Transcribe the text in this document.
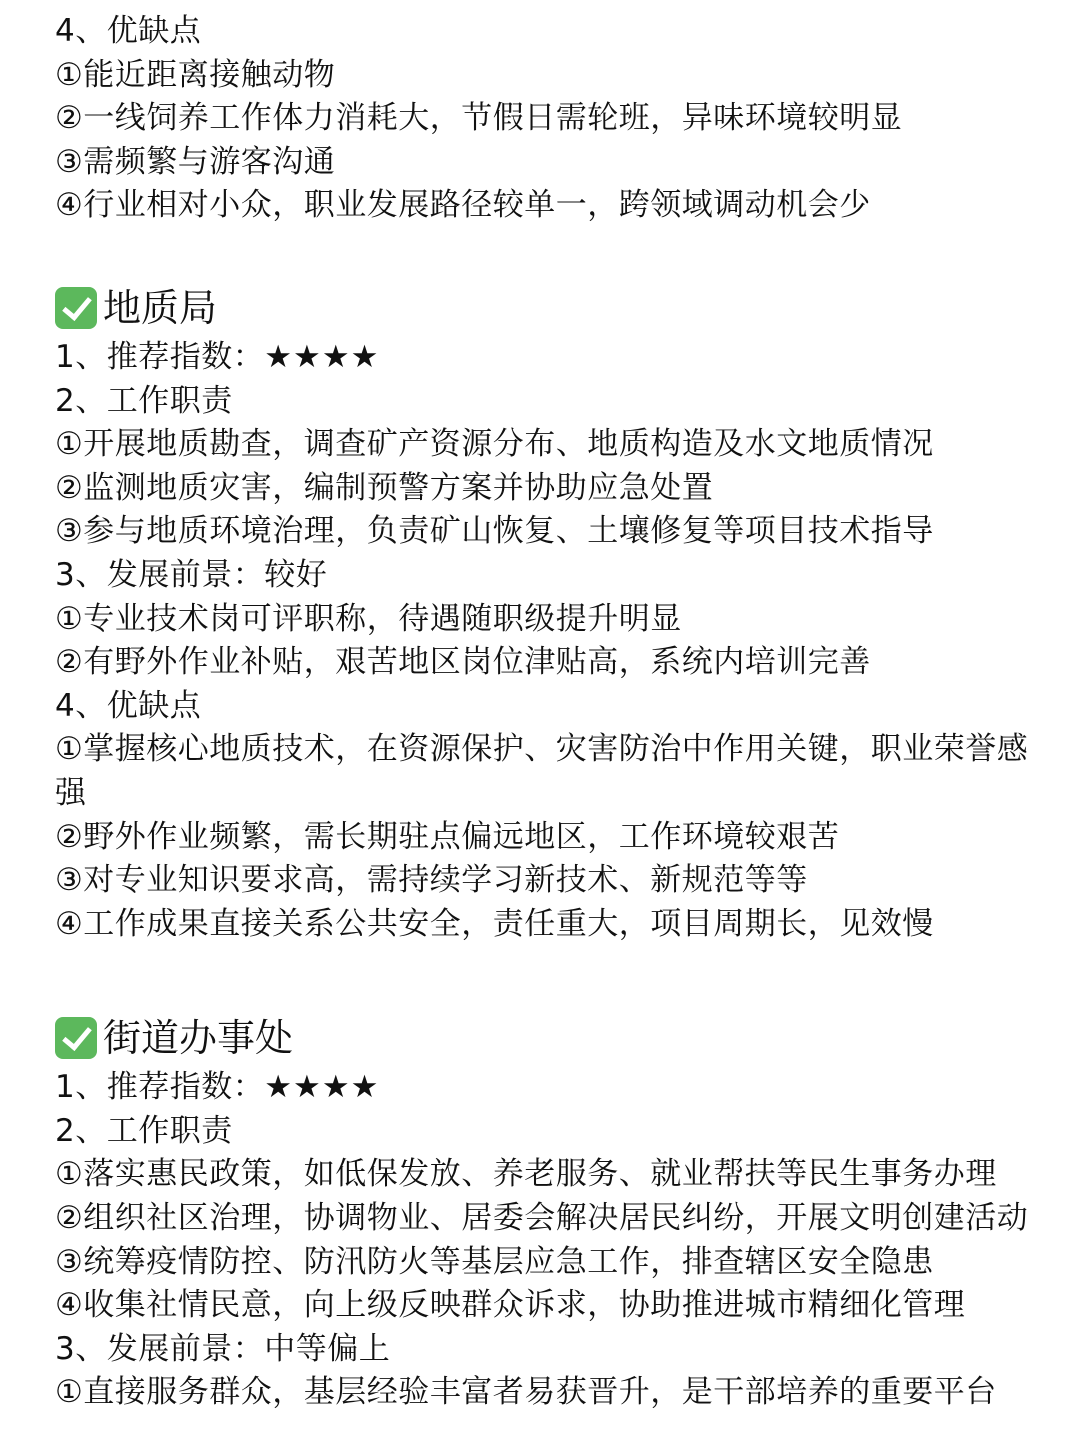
4、优缺点
①能近距离接触动物
②一线饲养工作体力消耗大，节假日需轮班，异味环境较明显
③需频繁与游客沟通
④行业相对小众，职业发展路径较单一，跨领域调动机会少
地质局
1、推荐指数：★★★★
2、工作职责
①开展地质勘查，调查矿产资源分布、地质构造及水文地质情况
②监测地质灾害，编制预警方案并协助应急处置
③参与地质环境治理，负责矿山恢复、土壤修复等项目技术指导
3、发展前景：较好
①专业技术岗可评职称，待遇随职级提升明显
②有野外作业补贴，艰苦地区岗位津贴高，系统内培训完善
4、优缺点
①掌握核心地质技术，在资源保护、灾害防治中作用关键，职业荣誉感强
②野外作业频繁，需长期驻点偏远地区，工作环境较艰苦
③对专业知识要求高，需持续学习新技术、新规范等等
④工作成果直接关系公共安全，责任重大，项目周期长，见效慢
街道办事处
1、推荐指数：★★★★
2、工作职责
①落实惠民政策，如低保发放、养老服务、就业帮扶等民生事务办理
②组织社区治理，协调物业、居委会解决居民纠纷，开展文明创建活动
③统筹疫情防控、防汛防火等基层应急工作，排查辖区安全隐患
④收集社情民意，向上级反映群众诉求，协助推进城市精细化管理
3、发展前景：中等偏上
①直接服务群众，基层经验丰富者易获晋升，是干部培养的重要平台
